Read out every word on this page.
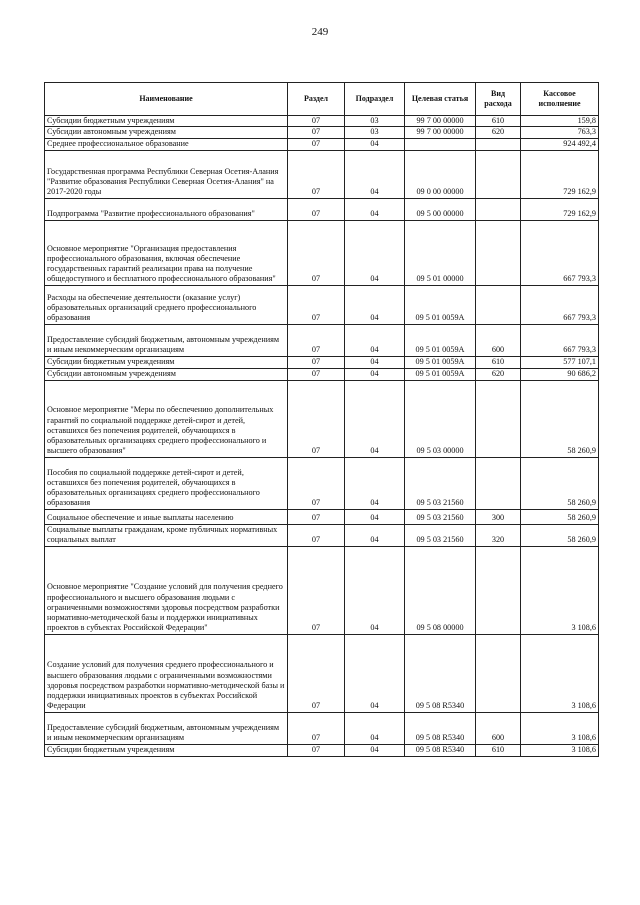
249
Наименование	Раздел	Подраздел	Целевая статья	Вид расхода	Кассовое исполнение
Субсидии бюджетным учреждениям	07	03	99 7 00 00000	610	159,8
Субсидии автономным учреждениям	07	03	99 7 00 00000	620	763,3
Среднее профессиональное образование	07	04			924 492,4
Государственная программа Республики Северная Осетия-Алания "Развитие образования Республики Северная Осетия-Алания" на 2017-2020 годы	07	04	09 0 00 00000		729 162,9
Подпрограмма "Развитие профессионального образования"	07	04	09 5 00 00000		729 162,9
Основное мероприятие "Организация предоставления профессионального образования, включая обеспечение государственных гарантий реализации права на получение общедоступного и бесплатного профессионального образования"	07	04	09 5 01 00000		667 793,3
Расходы на обеспечение деятельности (оказание услуг) образовательных организаций среднего профессионального образования	07	04	09 5 01 0059А		667 793,3
Предоставление субсидий бюджетным, автономным учреждениям и иным некоммерческим организациям	07	04	09 5 01 0059А	600	667 793,3
Субсидии бюджетным учреждениям	07	04	09 5 01 0059А	610	577 107,1
Субсидии автономным учреждениям	07	04	09 5 01 0059А	620	90 686,2
Основное мероприятие "Меры по обеспечению дополнительных гарантий по социальной поддержке детей-сирот и детей, оставшихся без попечения родителей, обучающихся в образовательных организациях среднего профессионального и высшего образования"	07	04	09 5 03 00000		58 260,9
Пособия по социальной поддержке детей-сирот и детей, оставшихся без попечения родителей, обучающихся в образовательных организациях среднего профессионального образования	07	04	09 5 03 21560		58 260,9
Социальное обеспечение и иные выплаты населению	07	04	09 5 03 21560	300	58 260,9
Социальные выплаты гражданам, кроме публичных нормативных социальных выплат	07	04	09 5 03 21560	320	58 260,9
Основное мероприятие "Создание условий для получения среднего профессионального и высшего образования людьми с ограниченными возможностями здоровья посредством разработки нормативно-методической базы и поддержки инициативных проектов в субъектах Российской Федерации"	07	04	09 5 08 00000		3 108,6
Создание условий для получения среднего профессионального и высшего образования людьми с ограниченными возможностями здоровья посредством разработки нормативно-методической базы и поддержки инициативных проектов в субъектах Российской Федерации	07	04	09 5 08 R5340		3 108,6
Предоставление субсидий бюджетным, автономным учреждениям и иным некоммерческим организациям	07	04	09 5 08 R5340	600	3 108,6
Субсидии бюджетным учреждениям	07	04	09 5 08 R5340	610	3 108,6
